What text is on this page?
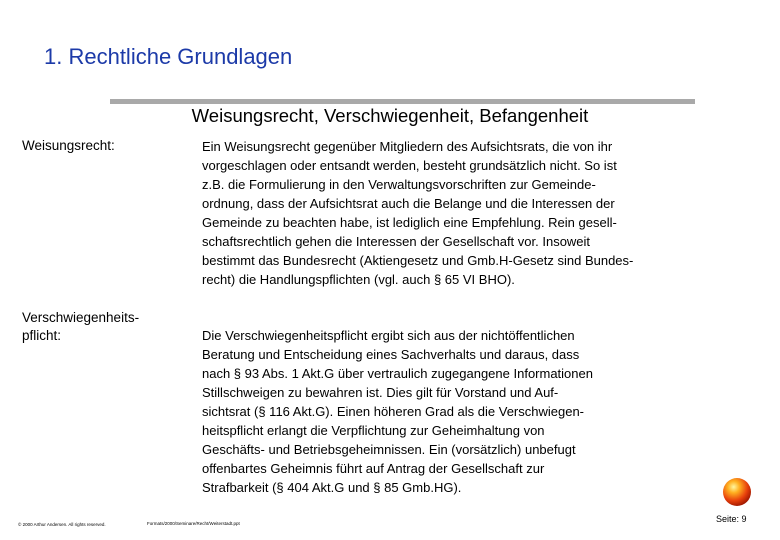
1. Rechtliche Grundlagen
Weisungsrecht, Verschwiegenheit, Befangenheit
Weisungsrecht:	Ein Weisungsrecht gegenüber Mitgliedern des Aufsichtsrats, die von ihr
vorgeschlagen oder entsandt werden, besteht grundsätzlich nicht. So ist
z.B. die Formulierung in den Verwaltungsvorschriften zur Gemeinde-
ordnung, dass der Aufsichtsrat auch die Belange und die Interessen der
Gemeinde zu beachten habe, ist lediglich eine Empfehlung. Rein gesell-
schaftsrechtlich gehen die Interessen der Gesellschaft vor. Insoweit
bestimmt das Bundesrecht (Aktiengesetz und Gmb.H-Gesetz sind Bundes-
recht) die Handlungspflichten (vgl. auch § 65 VI BHO).
Verschwiegenheits-
pflicht:	Die Verschwiegenheitspflicht ergibt sich aus der nichtöffentlichen
Beratung und Entscheidung eines Sachverhalts und daraus, dass
nach § 93 Abs. 1 Akt.G über vertraulich zugegangene Informationen
Stillschweigen zu bewahren ist. Dies gilt für Vorstand und Auf-
sichtsrat (§ 116 Akt.G). Einen höheren Grad als die Verschwiegen-
heitspflicht erlangt die Verpflichtung zur Geheimhaltung von
Geschäfts- und Betriebsgeheimnissen. Ein (vorsätzlich) unbefugt
offenbartes Geheimnis führt auf Antrag der Gesellschaft zur
Strafbarkeit (§ 404 Akt.G und § 85 Gmb.HG).
© 2000 Arthur Andersen. All rights reserved.	Formats/2000/Seminare/Recht/Weiterstadt.ppt	Seite: 9
